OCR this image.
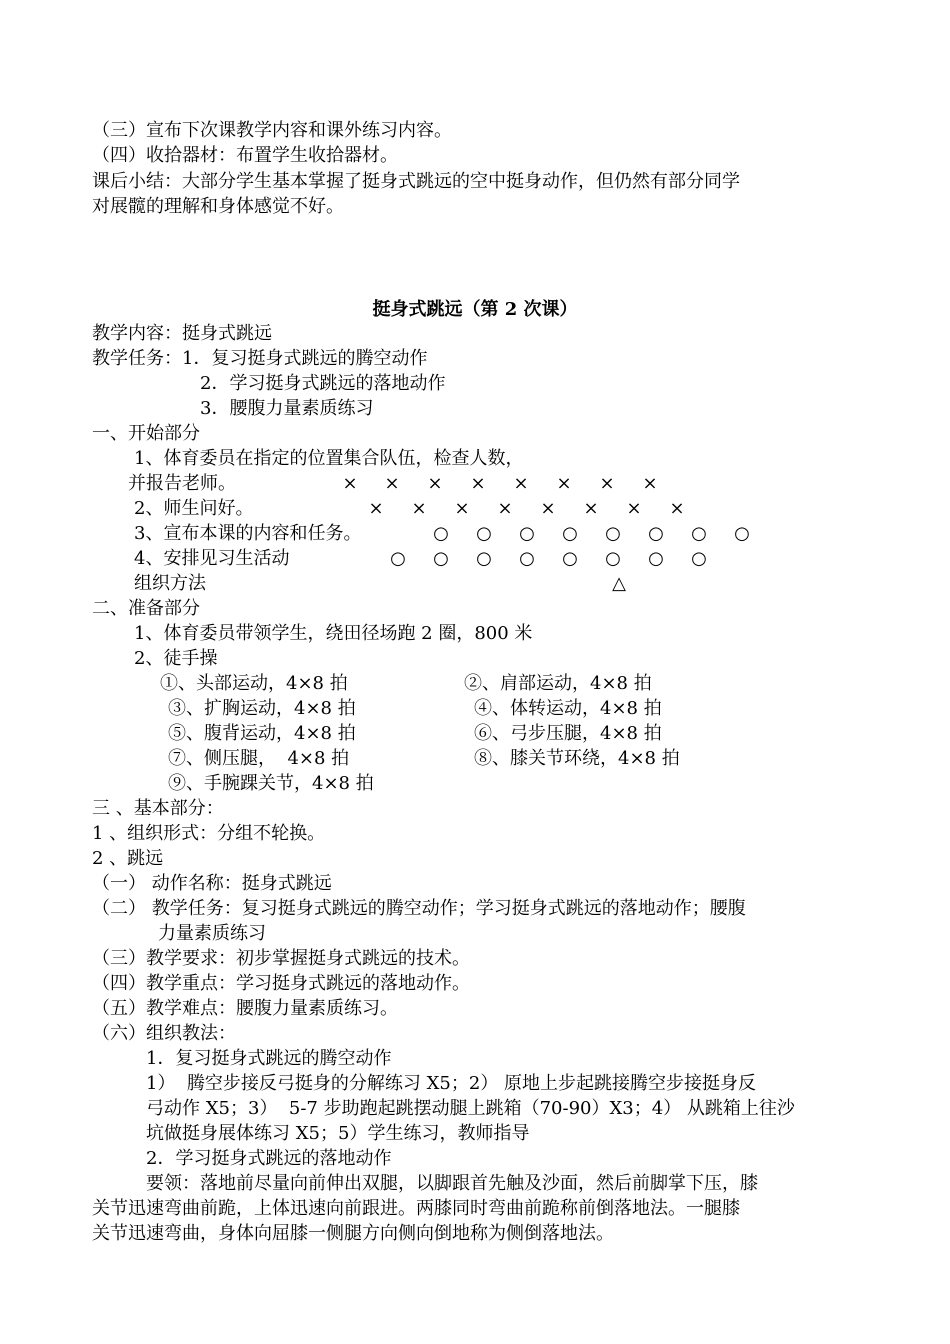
（三）宣布下次课教学内容和课外练习内容。
（四）收拾器材：布置学生收拾器材。
课后小结：大部分学生基本掌握了挺身式跳远的空中挺身动作，但仍然有部分同学
对展髋的理解和身体感觉不好。
挺身式跳远（第 2 次课）
教学内容：挺身式跳远
教学任务：1．复习挺身式跳远的腾空动作
2．学习挺身式跳远的落地动作
3．腰腹力量素质练习
一、开始部分
1、体育委员在指定的位置集合队伍，检查人数，
并报告老师。	× × × × × × × ×
2、师生问好。	× × × × × × × ×
3、宣布本课的内容和任务。	○ ○ ○ ○ ○ ○ ○ ○
4、安排见习生活动	○ ○ ○ ○ ○ ○ ○ ○
组织方法	△
二、准备部分
1、体育委员带领学生，绕田径场跑 2 圈，800 米
2、徒手操
①、头部运动，4×8 拍	②、肩部运动，4×8 拍
③、扩胸运动，4×8 拍	④、体转运动，4×8 拍
⑤、腹背运动，4×8 拍	⑥、弓步压腿，4×8 拍
⑦、侧压腿，  4×8 拍	⑧、膝关节环绕，4×8 拍
⑨、手腕踝关节，4×8 拍
三 、基本部分：
1 、组织形式：分组不轮换。
2 、跳远
（一） 动作名称：挺身式跳远
（二） 教学任务：复习挺身式跳远的腾空动作；学习挺身式跳远的落地动作；腰腹
力量素质练习
（三）教学要求：初步掌握挺身式跳远的技术。
（四）教学重点：学习挺身式跳远的落地动作。
（五）教学难点：腰腹力量素质练习。
（六）组织教法：
1．复习挺身式跳远的腾空动作
1）  腾空步接反弓挺身的分解练习 X5；2） 原地上步起跳接腾空步接挺身反
弓动作 X5；3）  5-7 步助跑起跳摆动腿上跳箱（70-90）X3；4） 从跳箱上往沙
坑做挺身展体练习 X5；5）学生练习，教师指导
2．学习挺身式跳远的落地动作
要领：落地前尽量向前伸出双腿，以脚跟首先触及沙面，然后前脚掌下压，膝
关节迅速弯曲前跪，上体迅速向前跟进。两膝同时弯曲前跪称前倒落地法。一腿膝
关节迅速弯曲，身体向屈膝一侧腿方向侧向倒地称为侧倒落地法。
